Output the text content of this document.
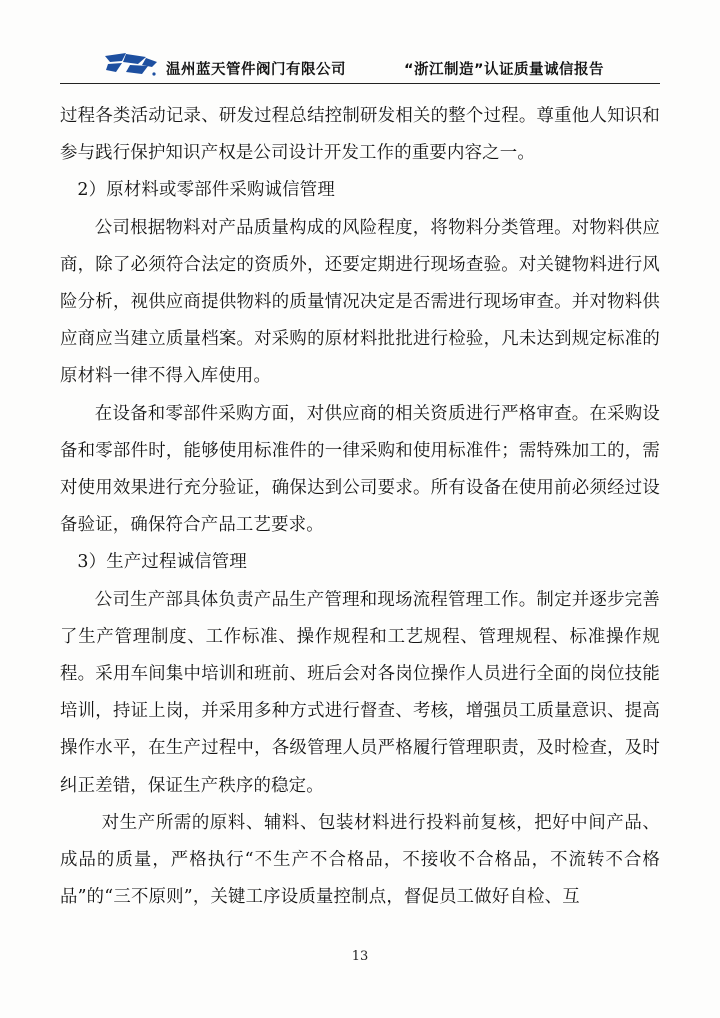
温州蓝天管件阀门有限公司	“浙江制造”认证质量诚信报告

过程各类活动记录、研发过程总结控制研发相关的整个过程。尊重他人知识和参与践行保护知识产权是公司设计开发工作的重要内容之一。

2）原材料或零部件采购诚信管理

公司根据物料对产品质量构成的风险程度，将物料分类管理。对物料供应商，除了必须符合法定的资质外，还要定期进行现场查验。对关键物料进行风险分析，视供应商提供物料的质量情况决定是否需进行现场审查。并对物料供应商应当建立质量档案。对采购的原材料批批进行检验，凡未达到规定标准的原材料一律不得入库使用。

在设备和零部件采购方面，对供应商的相关资质进行严格审查。在采购设备和零部件时，能够使用标准件的一律采购和使用标准件；需特殊加工的，需对使用效果进行充分验证，确保达到公司要求。所有设备在使用前必须经过设备验证，确保符合产品工艺要求。

3）生产过程诚信管理

公司生产部具体负责产品生产管理和现场流程管理工作。制定并逐步完善了生产管理制度、工作标准、操作规程和工艺规程、管理规程、标准操作规程。采用车间集中培训和班前、班后会对各岗位操作人员进行全面的岗位技能培训，持证上岗，并采用多种方式进行督查、考核，增强员工质量意识、提高操作水平，在生产过程中，各级管理人员严格履行管理职责，及时检查，及时纠正差错，保证生产秩序的稳定。

对生产所需的原料、辅料、包装材料进行投料前复核，把好中间产品、成品的质量，严格执行“不生产不合格品，不接收不合格品，不流转不合格品”的“三不原则”，关键工序设质量控制点，督促员工做好自检、互

13
